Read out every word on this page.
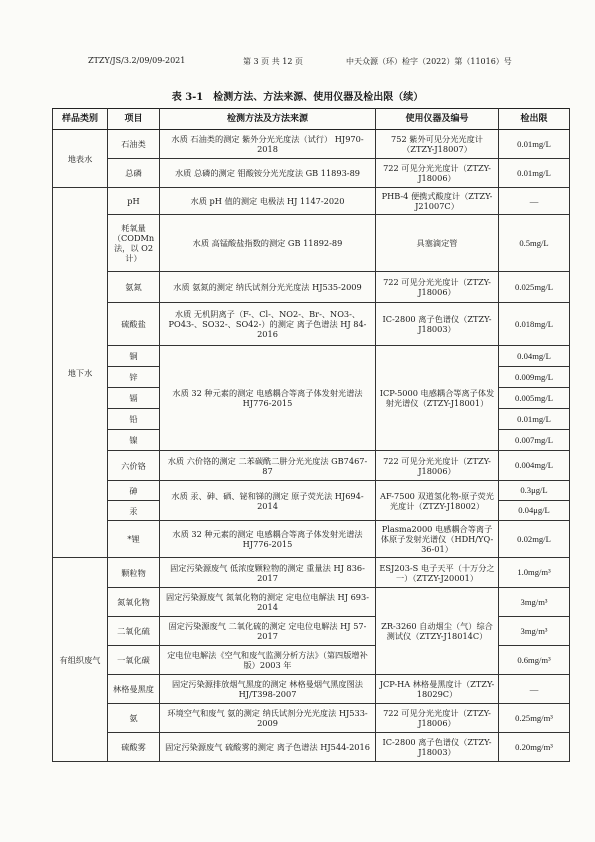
ZTZY/JS/3.2/09/09-2021	第 3 页 共 12 页	中天众源（环）检字（2022）第（11016）号
表 3-1 检测方法、方法来源、使用仪器及检出限（续）
样品类别	项目	检测方法及方法来源	使用仪器及编号	检出限
地表水	石油类	水质 石油类的测定 紫外分光光度法（试行） HJ970-2018	752 紫外可见分光光度计（ZTZY-J18007）	0.01mg/L
	总磷	水质 总磷的测定 钼酸铵分光光度法 GB 11893-89	722 可见分光光度计（ZTZY-J18006）	0.01mg/L
地下水	pH	水质 pH 值的测定 电极法 HJ 1147-2020	PHB-4 便携式酸度计（ZTZY-J21007C）	—
	耗氧量（CODMn法，以 O2计）	水质 高锰酸盐指数的测定 GB 11892-89	具塞滴定管	0.5mg/L
	氨氮	水质 氨氮的测定 纳氏试剂分光光度法 HJ535-2009	722 可见分光光度计（ZTZY-J18006）	0.025mg/L
	硫酸盐	水质 无机阴离子（F-、Cl-、NO2-、Br-、NO3-、PO43-、SO32-、SO42-）的测定 离子色谱法 HJ 84-2016	IC-2800 离子色谱仪（ZTZY-J18003）	0.018mg/L
	铜	水质 32 种元素的测定 电感耦合等离子体发射光谱法 HJ776-2015	ICP-5000 电感耦合等离子体发射光谱仪（ZTZY-J18001）	0.04mg/L
	锌			0.009mg/L
	镉			0.005mg/L
	铅			0.01mg/L
	镍			0.007mg/L
	六价铬	水质 六价铬的测定 二苯碳酰二肼分光光度法 GB7467-87	722 可见分光光度计（ZTZY-J18006）	0.004mg/L
	砷	水质 汞、砷、硒、铋和锑的测定 原子荧光法 HJ694-2014	AF-7500 双道氢化物-原子荧光光度计（ZTZY-J18002）	0.3μg/L
	汞			0.04μg/L
	*锂	水质 32 种元素的测定 电感耦合等离子体发射光谱法 HJ776-2015	Plasma2000 电感耦合等离子体原子发射光谱仪（HDH/YQ-36-01）	0.02mg/L
有组织废气	颗粒物	固定污染源废气 低浓度颗粒物的测定 重量法 HJ 836-2017	ESJ203-S 电子天平（十万分之一）（ZTZY-J20001）	1.0mg/m³
	氮氧化物	固定污染源废气 氮氧化物的测定 定电位电解法 HJ 693-2014	ZR-3260 自动烟尘（气）综合测试仪（ZTZY-J18014C）	3mg/m³
	二氧化硫	固定污染源废气 二氧化硫的测定 定电位电解法 HJ 57-2017		3mg/m³
	一氧化碳	定电位电解法《空气和废气监测分析方法》（第四版增补版）2003 年		0.6mg/m³
	林格曼黑度	固定污染源排放烟气黑度的测定 林格曼烟气黑度图法 HJ/T398-2007	JCP-HA 林格曼黑度计（ZTZY-18029C）	—
	氨	环境空气和废气 氨的测定 纳氏试剂分光光度法 HJ533-2009	722 可见分光光度计（ZTZY-J18006）	0.25mg/m³
	硫酸雾	固定污染源废气 硫酸雾的测定 离子色谱法 HJ544-2016	IC-2800 离子色谱仪（ZTZY-J18003）	0.20mg/m³
